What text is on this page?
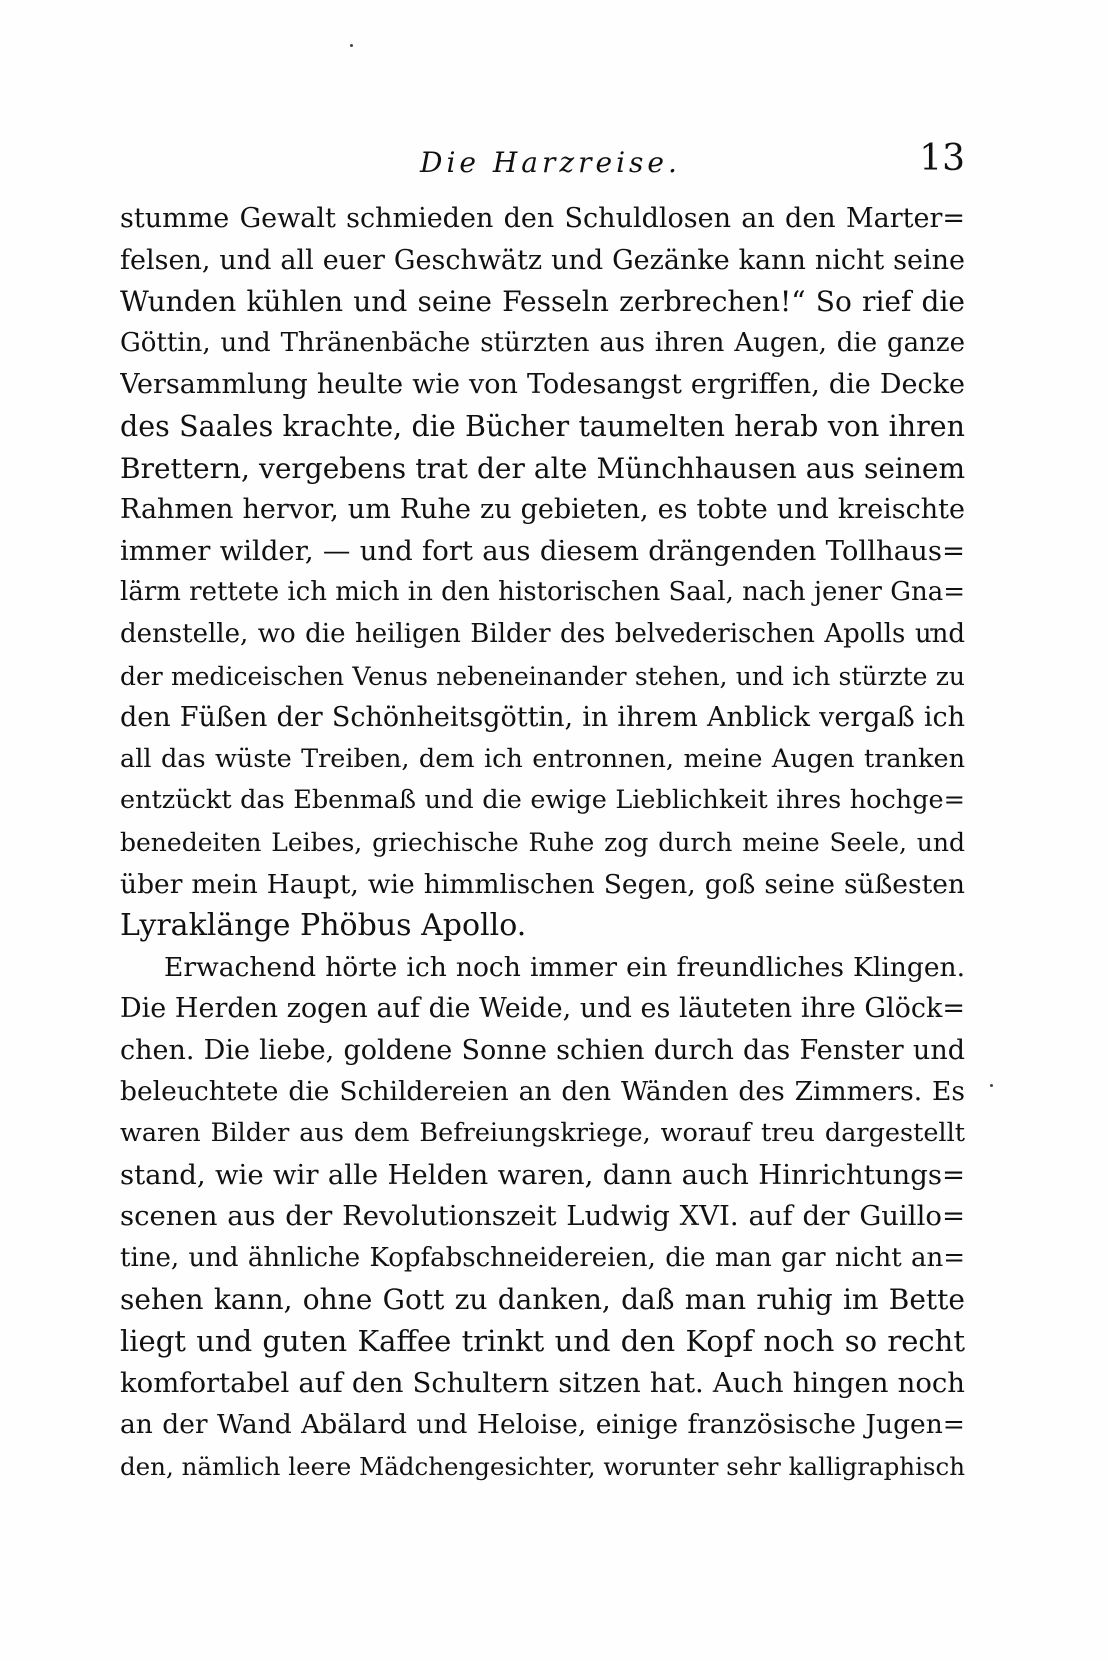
Die Harzreise.	13
stumme Gewalt schmieden den Schuldlosen an den Marter=
felsen, und all euer Geschwätz und Gezänke kann nicht seine
Wunden kühlen und seine Fesseln zerbrechen!“ So rief die
Göttin, und Thränenbäche stürzten aus ihren Augen, die ganze
Versammlung heulte wie von Todesangst ergriffen, die Decke
des Saales krachte, die Bücher taumelten herab von ihren
Brettern, vergebens trat der alte Münchhausen aus seinem
Rahmen hervor, um Ruhe zu gebieten, es tobte und kreischte
immer wilder, — und fort aus diesem drängenden Tollhaus=
lärm rettete ich mich in den historischen Saal, nach jener Gna=
denstelle, wo die heiligen Bilder des belvederischen Apolls und
der mediceischen Venus nebeneinander stehen, und ich stürzte zu
den Füßen der Schönheitsgöttin, in ihrem Anblick vergaß ich
all das wüste Treiben, dem ich entronnen, meine Augen tranken
entzückt das Ebenmaß und die ewige Lieblichkeit ihres hochge=
benedeiten Leibes, griechische Ruhe zog durch meine Seele, und
über mein Haupt, wie himmlischen Segen, goß seine süßesten
Lyraklänge Phöbus Apollo.
Erwachend hörte ich noch immer ein freundliches Klingen.
Die Herden zogen auf die Weide, und es läuteten ihre Glöck=
chen. Die liebe, goldene Sonne schien durch das Fenster und
beleuchtete die Schildereien an den Wänden des Zimmers. Es
waren Bilder aus dem Befreiungskriege, worauf treu dargestellt
stand, wie wir alle Helden waren, dann auch Hinrichtungs=
scenen aus der Revolutionszeit Ludwig XVI. auf der Guillo=
tine, und ähnliche Kopfabschneidereien, die man gar nicht an=
sehen kann, ohne Gott zu danken, daß man ruhig im Bette
liegt und guten Kaffee trinkt und den Kopf noch so recht
komfortabel auf den Schultern sitzen hat. Auch hingen noch
an der Wand Abälard und Heloise, einige französische Jugen=
den, nämlich leere Mädchengesichter, worunter sehr kalligraphisch
